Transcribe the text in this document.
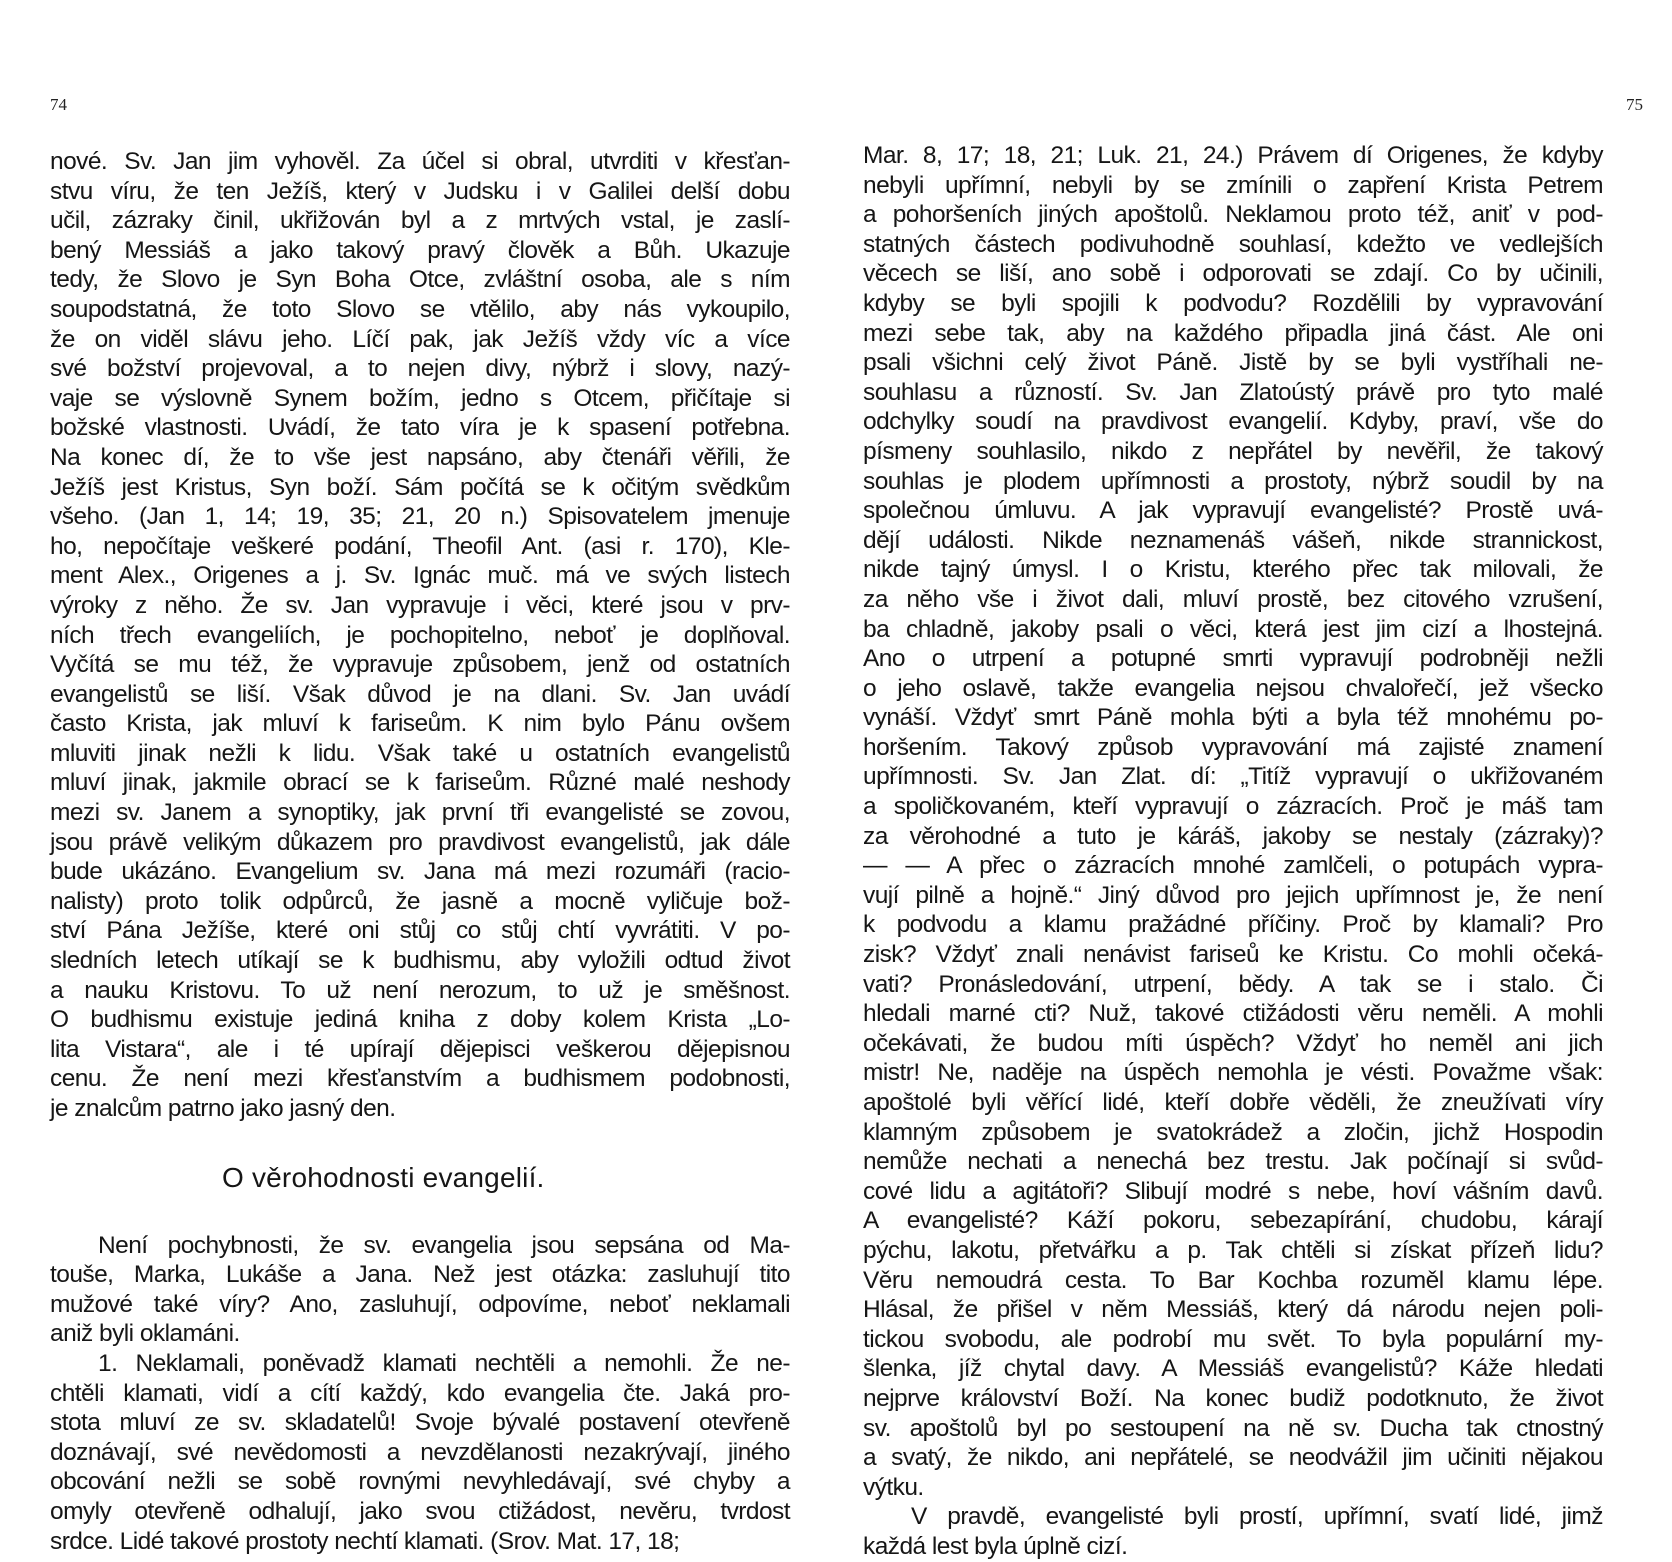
74
nové. Sv. Jan jim vyhověl. Za účel si obral, utvrditi v křesťan-
stvu víru, že ten Ježíš, který v Judsku i v Galilei delší dobu
učil, zázraky činil, ukřižován byl a z mrtvých vstal, je zaslí-
bený Messiáš a jako takový pravý člověk a Bůh. Ukazuje
tedy, že Slovo je Syn Boha Otce, zvláštní osoba, ale s ním
soupodstatná, že toto Slovo se vtělilo, aby nás vykoupilo,
že on viděl slávu jeho. Líčí pak, jak Ježíš vždy víc a více
své božství projevoval, a to nejen divy, nýbrž i slovy, nazý-
vaje se výslovně Synem božím, jedno s Otcem, přičítaje si
božské vlastnosti. Uvádí, že tato víra je k spasení potřebna.
Na konec dí, že to vše jest napsáno, aby čtenáři věřili, že
Ježíš jest Kristus, Syn boží. Sám počítá se k očitým svědkům
všeho. (Jan 1, 14; 19, 35; 21, 20 n.) Spisovatelem jmenuje
ho, nepočítaje veškeré podání, Theofil Ant. (asi r. 170), Kle-
ment Alex., Origenes a j. Sv. Ignác muč. má ve svých listech
výroky z něho. Že sv. Jan vypravuje i věci, které jsou v prv-
ních třech evangeliích, je pochopitelno, neboť je doplňoval.
Vyčítá se mu též, že vypravuje způsobem, jenž od ostatních
evangelistů se liší. Však důvod je na dlani. Sv. Jan uvádí
často Krista, jak mluví k fariseům. K nim bylo Pánu ovšem
mluviti jinak nežli k lidu. Však také u ostatních evangelistů
mluví jinak, jakmile obrací se k fariseům. Různé malé neshody
mezi sv. Janem a synoptiky, jak první tři evangelisté se zovou,
jsou právě velikým důkazem pro pravdivost evangelistů, jak dále
bude ukázáno. Evangelium sv. Jana má mezi rozumáři (racio-
nalisty) proto tolik odpůrců, že jasně a mocně vyličuje bož-
ství Pána Ježíše, které oni stůj co stůj chtí vyvrátiti. V po-
sledních letech utíkají se k budhismu, aby vyložili odtud život
a nauku Kristovu. To už není nerozum, to už je směšnost.
O budhismu existuje jediná kniha z doby kolem Krista „Lo-
lita Vistara“, ale i té upírají dějepisci veškerou dějepisnou
cenu. Že není mezi křesťanstvím a budhismem podobnosti,
je znalcům patrno jako jasný den.
O věrohodnosti evangelií.
Není pochybnosti, že sv. evangelia jsou sepsána od Ma-
touše, Marka, Lukáše a Jana. Než jest otázka: zasluhují tito
mužové také víry? Ano, zasluhují, odpovíme, neboť neklamali
aniž byli oklamáni.
1. Neklamali, poněvadž klamati nechtěli a nemohli. Že ne-
chtěli klamati, vidí a cítí každý, kdo evangelia čte. Jaká pro-
stota mluví ze sv. skladatelů! Svoje bývalé postavení otevřeně
doznávají, své nevědomosti a nevzdělanosti nezakrývají, jiného
obcování nežli se sobě rovnými nevyhledávají, své chyby a
omyly otevřeně odhalují, jako svou ctižádost, nevěru, tvrdost
srdce. Lidé takové prostoty nechtí klamati. (Srov. Mat. 17, 18;
75
Mar. 8, 17; 18, 21; Luk. 21, 24.) Právem dí Origenes, že kdyby
nebyli upřímní, nebyli by se zmínili o zapření Krista Petrem
a pohoršeních jiných apoštolů. Neklamou proto též, aniť v pod-
statných částech podivuhodně souhlasí, kdežto ve vedlejších
věcech se liší, ano sobě i odporovati se zdají. Co by učinili,
kdyby se byli spojili k podvodu? Rozdělili by vypravování
mezi sebe tak, aby na každého připadla jiná část. Ale oni
psali všichni celý život Páně. Jistě by se byli vystříhali ne-
souhlasu a růzností. Sv. Jan Zlatoústý právě pro tyto malé
odchylky soudí na pravdivost evangelií. Kdyby, praví, vše do
písmeny souhlasilo, nikdo z nepřátel by nevěřil, že takový
souhlas je plodem upřímnosti a prostoty, nýbrž soudil by na
společnou úmluvu. A jak vypravují evangelisté? Prostě uvá-
dějí události. Nikde neznamenáš vášeň, nikde strannickost,
nikde tajný úmysl. I o Kristu, kterého přec tak milovali, že
za něho vše i život dali, mluví prostě, bez citového vzrušení,
ba chladně, jakoby psali o věci, která jest jim cizí a lhostejná.
Ano o utrpení a potupné smrti vypravují podrobněji nežli
o jeho oslavě, takže evangelia nejsou chvalořečí, jež všecko
vynáší. Vždyť smrt Páně mohla býti a byla též mnohému po-
horšením. Takový způsob vypravování má zajisté znamení
upřímnosti. Sv. Jan Zlat. dí: „Titíž vypravují o ukřižovaném
a spoličkovaném, kteří vypravují o zázracích. Proč je máš tam
za věrohodné a tuto je káráš, jakoby se nestaly (zázraky)?
— — A přec o zázracích mnohé zamlčeli, o potupách vypra-
vují pilně a hojně.“ Jiný důvod pro jejich upřímnost je, že není
k podvodu a klamu pražádné příčiny. Proč by klamali? Pro
zisk? Vždyť znali nenávist fariseů ke Kristu. Co mohli očeká-
vati? Pronásledování, utrpení, bědy. A tak se i stalo. Či
hledali marné cti? Nuž, takové ctižádosti věru neměli. A mohli
očekávati, že budou míti úspěch? Vždyť ho neměl ani jich
mistr! Ne, naděje na úspěch nemohla je vésti. Považme však:
apoštolé byli věřící lidé, kteří dobře věděli, že zneužívati víry
klamným způsobem je svatokrádež a zločin, jichž Hospodin
nemůže nechati a nenechá bez trestu. Jak počínají si svůd-
cové lidu a agitátoři? Slibují modré s nebe, hoví vášním davů.
A evangelisté? Káží pokoru, sebezapírání, chudobu, kárají
pýchu, lakotu, přetvářku a p. Tak chtěli si získat přízeň lidu?
Věru nemoudrá cesta. To Bar Kochba rozuměl klamu lépe.
Hlásal, že přišel v něm Messiáš, který dá národu nejen poli-
tickou svobodu, ale podrobí mu svět. To byla populární my-
šlenka, jíž chytal davy. A Messiáš evangelistů? Káže hledati
nejprve království Boží. Na konec budiž podotknuto, že život
sv. apoštolů byl po sestoupení na ně sv. Ducha tak ctnostný
a svatý, že nikdo, ani nepřátelé, se neodvážil jim učiniti nějakou
výtku.
V pravdě, evangelisté byli prostí, upřímní, svatí lidé, jimž
každá lest byla úplně cizí.
